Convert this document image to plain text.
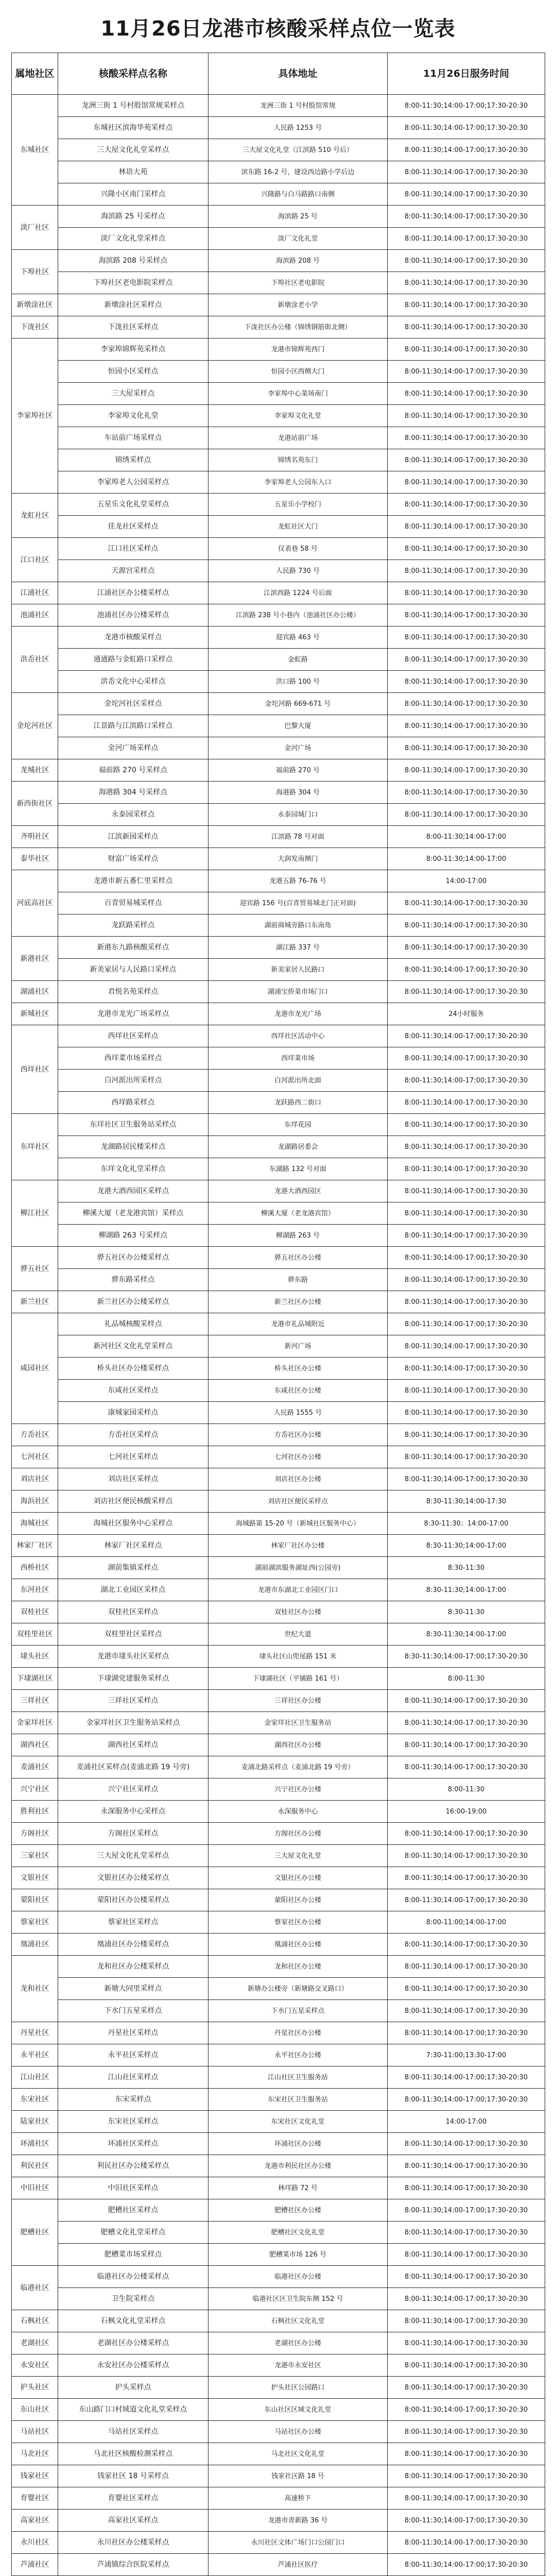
11月26日龙港市核酸采样点位一览表
属地社区	核酸采样点名称	具体地址	11月26日服务时间
东城社区	龙洲三街 1 号村股馆常规采样点	龙洲三街 1 号村股馆常规	8:00-11:30;14:00-17:00;17:30-20:30
	东城社区滨海华苑采样点	人民路 1253 号	8:00-11:30;14:00-17:00;17:30-20:30
	三大屋文化礼堂采样点	三大屋文化礼堂（江滨路 510 号后）	8:00-11:30;14:00-17:00;17:30-20:30
	林语大苑	滨东路 16-2 号，建设西边路小学后边	8:00-11:30;14:00-17:00;17:30-20:30
	兴隆小区南门采样点	兴隆路与白马路路口南侧	8:00-11:30;14:00-17:00;17:30-20:30
淡厂社区	海滨路 25 号采样点	海滨路 25 号	8:00-11:30;14:00-17:00;17:30-20:30
	淡厂文化礼堂采样点	淡厂文化礼堂	8:00-11:30;14:00-17:00;17:30-20:30
下埠社区	海滨路 208 号采样点	海滨路 208 号	8:00-11:30;14:00-17:00;17:30-20:30
	下埠社区老电影院采样点	下埠社区老电影院	8:00-11:30;14:00-17:00;17:30-20:30
新墩涂社区	新墩涂社区采样点	新墩涂老小学	8:00-11:30;14:00-17:00;17:30-20:30
下泷社区	下泷社区采样点	下泷社区办公楼（锦绣钢筋街北侧）	8:00-11:30;14:00-17:00;17:30-20:30
李家埠社区	李家埠锦辉苑采样点	龙港市锦辉苑西门	8:00-11:30;14:00-17:00;17:30-20:30
	恒园小区采样点	恒园小区西侧大门	8:00-11:30;14:00-17:00;17:30-20:30
	三大屋采样点	李家埠中心菜场南门	8:00-11:30;14:00-17:00;17:30-20:30
	李家埠文化礼堂	李家埠文化礼堂	8:00-11:30;14:00-17:00;17:30-20:30
	车站前广场采样点	龙港站前广场	8:00-11:30;14:00-17:00;17:30-20:30
	锦绣采样点	锦绣名苑东门	8:00-11:30;14:00-17:00;17:30-20:30
	李家埠老人公园采样点	李家埠老人公园东入口	8:00-11:30;14:00-17:00;17:30-20:30
龙虹社区	五星乐文化礼堂采样点	五星乐小学校门	8:00-11:30;14:00-17:00;17:30-20:30
	佳龙社区采样点	龙虹社区大门	8:00-11:30;14:00-17:00;17:30-20:30
江口社区	江口社区采样点	仪表巷 58 号	8:00-11:30;14:00-17:00;17:30-20:30
	天源宫采样点	人民路 730 号	8:00-11:30;14:00-17:00;17:30-20:30
江浦社区	江浦社区办公楼采样点	江滨西路 1224 号后面	8:00-11:30;14:00-17:00;17:30-20:30
池浦社区	池浦社区办公楼采样点	江滨路 238 号小巷内（池浦社区办公楼）	8:00-11:30;14:00-17:00;17:30-20:30
洪岙社区	龙港市核酸采样点	迎宾路 463 号	8:00-11:30;14:00-17:00;17:30-20:30
	通通路与金虹路口采样点	金虹路	8:00-11:30;14:00-17:00;17:30-20:30
	洪岙文化中心采样点	洪口路 100 号	8:00-11:30;14:00-17:00;17:30-20:30
金坨河社区	金坨河社区采样点	金坨河路 669-671 号	8:00-11:30;14:00-17:00;17:30-20:30
	江景路与江滨路口采样点	巴黎大厦	8:00-11:30;14:00-17:00;17:30-20:30
	金河广场采样点	金河广场	8:00-11:30;14:00-17:00;17:30-20:30
龙城社区	福前路 270 号采样点	福前路 270 号	8:00-11:30;14:00-17:00;17:30-20:30
新西街社区	海港路 304 号采样点	海港路 304 号	8:00-11:30;14:00-17:00;17:30-20:30
	永泰园采样点	永泰园城门口	8:00-11:30;14:00-17:00;17:30-20:30
齐明社区	江滨新园采样点	江滨路 78 号对面	8:00-11:30;14:00-17:00
泰华社区	财富广场采样点	大润发南侧门	8:00-11:30;14:00-17:00
河底高社区	龙港市新五番仁里采样点	龙港五路 76-76 号	14:00-17:00
	百青贸易城采样点	迎宾路 156 号(百青贸易城北门正对面)	8:00-11:30;14:00-17:00;17:30-20:30
	龙跃路采样点	湖前商城旁路口东南角	8:00-11:30;14:00-17:00;17:30-20:30
新港社区	新港东九路核酸采样点	湖江路 337 号	8:00-11:30;14:00-17:00;17:30-20:30
	新美家居与人民路口采样点	新美家居人民路口	8:00-11:30;14:00-17:00;17:30-20:30
湖浦社区	君悦名苑采样点	湖浦宝侨菜市场门口	8:00-11:30;14:00-17:00;17:30-20:30
新城社区	龙港市龙光广场采样点	龙港市龙光广场	24小时服务
西垟社区	西垟社区采样点	西垟社区活动中心	8:00-11:30;14:00-17:00;17:30-20:30
	西垟菜市场采样点	西垟菜市场	8:00-11:30;14:00-17:00;17:30-20:30
	白河派出所采样点	白河派出所北面	8:00-11:30;14:00-17:00;17:30-20:30
	西垟路采样点	龙跃路西二街口	8:00-11:30;14:00-17:00;17:30-20:30
东垟社区	东垟社区卫生服务站采样点	东垟花园	8:00-11:30;14:00-17:00;17:30-20:30
	龙湖路居民楼采样点	龙湖路居委会	8:00-11:30;14:00-17:00;17:30-20:30
	东垟文化礼堂采样点	东湖路 132 号对面	8:00-11:30;14:00-17:00;17:30-20:30
柳江社区	龙港大酒西园区采样点	龙港大酒西园区	8:00-11:30;14:00-17:00;17:30-20:30
	柳溪大厦（老龙港宾馆）采样点	柳溪大厦（老龙港宾馆）	8:00-11:30;14:00-17:00;17:30-20:30
	柳湖路 263 号采样点	柳湖路 263 号	8:00-11:30;14:00-17:00;17:30-20:30
骅五社区	骅五社区办公楼采样点	骅五社区办公楼	8:00-11:30;14:00-17:00;17:30-20:30
	骅东路采样点	骅东路	8:00-11:30;14:00-17:00;17:30-20:30
新兰社区	新兰社区办公楼采样点	新兰社区办公楼	8:00-11:30;14:00-17:00;17:30-20:30
咸园社区	礼品城核酸采样点	龙港市礼品城附近	8:00-11:30;14:00-17:00;17:30-20:30
	新河社区文化礼堂采样点	新河广场	8:00-11:30;14:00-17:00;17:30-20:30
	桥头社区办公楼采样点	桥头社区办公楼	8:00-11:30;14:00-17:00;17:30-20:30
	东咸社区采样点	东咸社区办公楼	8:00-11:30;14:00-17:00;17:30-20:30
	康城家园采样点	人民路 1555 号	8:00-11:30;14:00-17:00;17:30-20:30
方岙社区	方岙社区采样点	方岙社区办公楼	8:00-11:30;14:00-17:00;17:30-20:30
七河社区	七河社区采样点	七河社区办公楼	8:00-11:30;14:00-17:00;17:30-20:30
刘店社区	刘店社区采样点	刘店社区办公楼	8:00-11:30;14:00-17:00;17:30-20:30
海浜社区	刘店社区便民核酸采样点	刘店社区便民采样点	8:30-11:30;14:00-17:30
海城社区	海城社区服务中心采样点	海城路第 15-20 号（新城社区服务中心）	8:30-11:30；14:00-17:00
林家厂社区	林家厂社区采样点	林家厂社区办公楼	8:30-11:30;14:00-17:00
西桥社区	湖前集镇采样点	湖前湖滨服务湖址西(公园旁)	8:30-11:30
东河社区	湖北工业园区采样点	龙港市东湖北工业园区门口	8:30-11:30;14:00-17:00
双桂社区	双桂社区采样点	双桂社区办公楼	8:30-11:30
双桂里社区	双桂里社区采样点	世纪大道	8:30-11:30;14:00-17:00
埭头社区	龙港市埭头社区采样点	埭头社区山兜尾路 151 米	8:30-11:30;14:00-17:00;17:30-20:30
下埭湖社区	下埭湖党建服务采样点	下埭湖社区（平铺路 161 号）	8:00-11:30
三祥社区	三祥社区采样点	三祥社区办公楼	8:00-11:30;14:00-17:00;17:30-20:30
金家垟社区	金家垟社区卫生服务站采样点	金家垟社区卫生服务站	8:00-11:30;14:00-17:00;17:30-20:30
湖西社区	湖西社区采样点	湖西社区办公楼	8:00-11:30;14:00-17:00;17:30-20:30
麦浦社区	麦浦社区采样点(麦浦北路 19 号旁)	麦浦北路采样点（麦浦北路 19 号旁）	8:00-11:30;14:00-17:00;17:30-20:30
兴宁社区	兴宁社区采样点	兴宁社区办公楼	8:00-11:30
胜利社区	永深服务中心采样点	永深服务中心	16:00-19:00
方阁社区	方阁社区采样点	方阁社区办公楼	8:00-11:30;14:00-17:00;17:30-20:30
三家社区	三大屋文化礼堂采样点	三大屋文化礼堂	8:00-11:30;14:00-17:00;17:30-20:30
文银社区	文银社区办公楼采样点	文银社区办公楼	8:00-11:30;14:00-17:00;17:30-20:30
蒙阳社区	蒙阳社区办公楼采样点	蒙阳社区办公楼	8:00-11:30;14:00-17:00;17:30-20:30
蔡家社区	蔡家社区采样点	蔡家社区办公楼	8:00-11:00;14:00-17:00
凰浦社区	凰浦社区办公楼采样点	凰浦社区办公楼	8:00-11:30;14:00-17:00;17:30-20:30
龙和社区	龙和社区办公楼采样点	龙和社区办公楼	8:00-11:30;14:00-17:00;17:30-20:30
	新塘大同里采样点	新塘办公楼旁（新塘路交叉路口）	8:00-11:30;14:00-17:00;17:30-20:30
	下水门五星采样点	下水门五星采样点	8:00-11:30;14:00-17:00;17:30-20:30
丹星社区	丹星社区采样点	丹星社区办公楼	8:00-11:30;14:00-17:00;17:30-20:30
永平社区	永平社区采样点	永平社区办公楼	7:30-11:00;13:30-17:00
江山社区	江山社区采样点	江山社区卫生服务站	8:00-11:30;14:00-17:00;17:30-20:30
东宋社区	东宋采样点	东宋社区卫生服务站	8:00-11:30;14:00-17:00;17:30-20:30
陆家社区	东宋社区采样点	东宋社区文化礼堂	14:00-17:00
环浦社区	环浦社区采样点	环浦社区办公楼	8:00-11:30;14:00-17:00;17:30-20:30
利民社区	利民社区办公楼采样点	龙港市利民社区办公楼	8:00-11:30;14:00-17:00;17:30-20:30
中旧社区	中旧社区采样点	林垟路 72 号	8:00-11:30;14:00-17:00;17:30-20:30
肥槽社区	肥槽社区采样点	肥槽社区办公楼	8:00-11:30;14:00-17:00;17:30-20:30
	肥槽文化礼堂采样点	肥槽社区文化礼堂	8:00-11:30;14:00-17:00;17:30-20:30
	肥槽菜市场采样点	肥槽菜市场 126 号	8:00-11:30;14:00-17:00;17:30-20:30
临港社区	临港社区办公楼采样点	临港社区办公楼	8:00-11:30;14:00-17:00;17:30-20:30
	卫生院采样点	临港社区区卫生院东侧 152 号	8:00-11:30;14:00-17:00;17:30-20:30
石枫社区	石枫文化礼堂采样点	石枫社区文化礼堂	8:00-11:30;14:00-17:00;17:30-20:30
老湖社区	老湖社区办公楼采样点	老湖社区办公楼	8:00-11:30;14:00-17:00;17:30-20:30
永安社区	永安社区办公楼采样点	龙港市永安社区	8:00-11:30;14:00-17:00;17:30-20:30
护头社区	护头采样点	护头社区公园路口	8:00-11:30;14:00-17:00;17:30-20:30
东山社区	东山路门口村域道文化礼堂采样点	东山社区区域文化礼堂	8:00-11:30;14:00-17:00;17:30-20:30
马站社区	马站社区采样点	马站社区办公楼	8:00-11:30;14:00-17:00;17:30-20:30
马北社区	马北社区核酸检测采样点	马北社区文化礼堂	8:00-11:30;14:00-17:00;17:30-20:30
钱家社区	钱家社区 18 号采样点	钱家社区路 18 号	8:00-11:30;14:00-17:00;17:30-20:30
育婴社区	育婴社区采样点	高速桥下	8:00-11:30;14:00-17:00;17:30-20:30
高家社区	高家社区采样点	龙港市青新路 36 号	8:00-11:30;14:00-17:00;17:30-20:30
永川社区	永川社区办公楼采样点	永川社区文体广场门口公园门口	8:00-11:30;14:00-17:00;17:30-20:30
芦浦社区	芦浦镇综合医院采样点	芦浦社区医疗	8:00-11:30;14:00-17:00;17:30-20:30
